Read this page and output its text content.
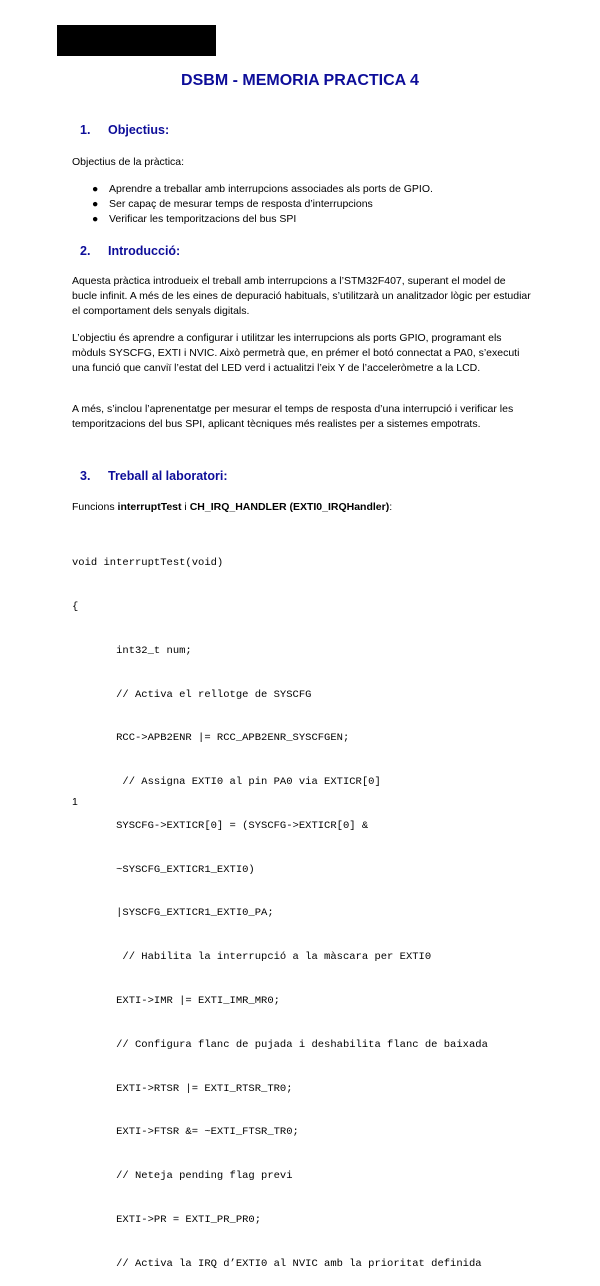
DSBM - MEMORIA PRACTICA 4
1. Objectius:

Objectius de la pràctica:

● Aprendre a treballar amb interrupcions associades als ports de GPIO.
● Ser capaç de mesurar temps de resposta d’interrupcions
● Verificar les temporitzacions del bus SPI
2. Introducció:

Aquesta pràctica introdueix el treball amb interrupcions a l’STM32F407, superant el model de bucle infinit. A més de les eines de depuració habituals, s’utilitzarà un analitzador lògic per estudiar el comportament dels senyals digitals.

L’objectiu és aprendre a configurar i utilitzar les interrupcions als ports GPIO, programant els mòduls SYSCFG, EXTI i NVIC. Això permetrà que, en prémer el botó connectat a PA0, s’executi una funció que canviï l’estat del LED verd i actualitzi l’eix Y de l’acceleròmetre a la LCD.

A més, s’inclou l’aprenentatge per mesurar el temps de resposta d’una interrupció i verificar les temporitzacions del bus SPI, aplicant tècniques més realistes per a sistemes empotrats.

3. Treball al laboratori:

Funcions interruptTest i CH_IRQ_HANDLER (EXTI0_IRQHandler):

void interruptTest(void)

{

int32_t num;

// Activa el rellotge de SYSCFG

RCC->APB2ENR |= RCC_APB2ENR_SYSCFGEN;

// Assigna EXTI0 al pin PA0 via EXTICR[0]

SYSCFG->EXTICR[0] = (SYSCFG->EXTICR[0] &

~SYSCFG_EXTICR1_EXTI0)

|SYSCFG_EXTICR1_EXTI0_PA;

// Habilita la interrupció a la màscara per EXTI0

EXTI->IMR |= EXTI_IMR_MR0;

// Configura flanc de pujada i deshabilita flanc de baixada

EXTI->RTSR |= EXTI_RTSR_TR0;

EXTI->FTSR &= ~EXTI_FTSR_TR0;

// Neteja pending flag previ

EXTI->PR = EXTI_PR_PR0;

// Activa la IRQ d’EXTI0 al NVIC amb la prioritat definida

1
